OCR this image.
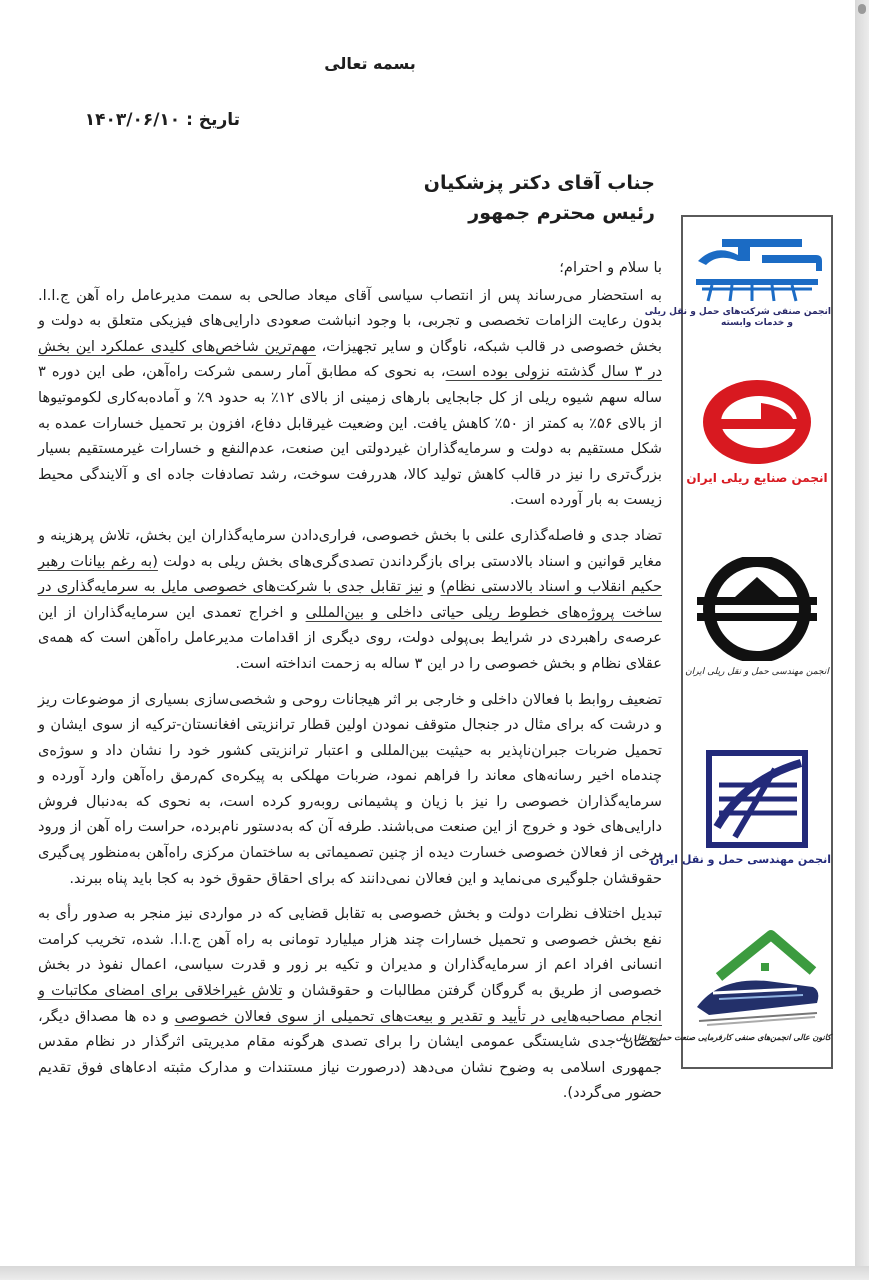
بسمه تعالی
تاریخ : ۱۴۰۳/۰۶/۱۰
جناب آقای دکتر پزشکیان
رئیس محترم جمهور
انجمن صنفی شرکت‌های حمل و نقل ریلی
و خدمات وابسته
انجمن صنایع ریلی ایران
انجمن مهندسی حمل و نقل ریلی ایران
انجمن مهندسی حمل و نقل ایران
کانون عالی انجمن‌های صنفی کارفرمایی صنعت حمل و نقل ریلی

با سلام و احترام؛

به استحضار می‌رساند پس از انتصاب سیاسی آقای میعاد صالحی به سمت مدیرعامل راه آهن ج.ا.ا. بدون رعایت الزامات تخصصی و تجربی، با وجود انباشت صعودی دارایی‌های فیزیکی متعلق به دولت و بخش خصوصی در قالب شبکه، ناوگان و سایر تجهیزات، مهم‌ترین شاخص‌های کلیدی عملکرد این بخش در ۳ سال گذشته نزولی بوده است، به نحوی که مطابق آمار رسمی شرکت راه‌آهن، طی این دوره ۳ ساله سهم شیوه ریلی از کل جابجایی بارهای زمینی از بالای ۱۲٪ به حدود ۹٪ و آماده‌به‌کاری لکوموتیوها از بالای ۵۶٪ به کمتر از ۵۰٪ کاهش یافت. این وضعیت غیرقابل دفاع، افزون بر تحمیل خسارات عمده به شکل مستقیم به دولت و سرمایه‌گذاران غیردولتی این صنعت، عدم‌النفع و خسارات غیرمستقیم بسیار بزرگ‌تری را نیز در قالب کاهش تولید کالا، هدررفت سوخت، رشد تصادفات جاده ای و آلایندگی محیط زیست به بار آورده است.

تضاد جدی و فاصله‌گذاری علنی با بخش خصوصی، فراری‌دادن سرمایه‌گذاران این بخش، تلاش پرهزینه و مغایر قوانین و اسناد بالادستی برای بازگرداندن تصدی‌گری‌های بخش ریلی به دولت (به رغم بیانات رهبر حکیم انقلاب و اسناد بالادستی نظام) و نیز تقابل جدی با شرکت‌های خصوصی مایل به سرمایه‌گذاری در ساخت پروژه‌های خطوط ریلی حیاتی داخلی و بین‌المللی و اخراج تعمدی این سرمایه‌گذاران از این عرصه‌ی راهبردی در شرایط بی‌پولی دولت، روی دیگری از اقدامات مدیرعامل راه‌آهن است که همه‌ی عقلای نظام و بخش خصوصی را در این ۳ ساله به زحمت انداخته است.

تضعیف روابط با فعالان داخلی و خارجی بر اثر هیجانات روحی و شخصی‌سازی بسیاری از موضوعات ریز و درشت که برای مثال در جنجال متوقف نمودن اولین قطار ترانزیتی افغانستان-ترکیه از سوی ایشان و تحمیل ضربات جبران‌ناپذیر به حیثیت بین‌المللی و اعتبار ترانزیتی کشور خود را نشان داد و سوژه‌ی چندماه اخیر رسانه‌های معاند را فراهم نمود، ضربات مهلکی به پیکره‌ی کم‌رمق راه‌آهن وارد آورده و سرمایه‌گذاران خصوصی را نیز با زیان و پشیمانی روبه‌رو کرده است، به نحوی که به‌دنبال فروش دارایی‌های خود و خروج از این صنعت می‌باشند. طرفه آن که به‌دستور نام‌برده، حراست راه آهن از ورود برخی از فعالان خصوصی خسارت دیده از چنین تصمیماتی به ساختمان مرکزی راه‌آهن به‌منظور پی‌گیری حقوقشان جلوگیری می‌نماید و این فعالان نمی‌دانند که برای احقاق حقوق خود به کجا باید پناه ببرند.

تبدیل اختلاف نظرات دولت و بخش خصوصی به تقابل قضایی که در مواردی نیز منجر به صدور رأی به نفع بخش خصوصی و تحمیل خسارات چند هزار میلیارد تومانی به راه آهن ج.ا.ا. شده، تخریب کرامت انسانی افراد اعم از سرمایه‌گذاران و مدیران و تکیه بر زور و قدرت سیاسی، اعمال نفوذ در بخش خصوصی از طریق به گروگان گرفتن مطالبات و حقوقشان و تلاش غیراخلاقی برای امضای مکاتبات و انجام مصاحبه‌هایی در تأیید و تقدیر و بیعت‌های تحمیلی از سوی فعالان خصوصی و ده ها مصداق دیگر، نقصان جدی شایستگی عمومی ایشان را برای تصدی هرگونه مقام مدیریتی اثرگذار در نظام مقدس جمهوری اسلامی به وضوح نشان می‌دهد (درصورت نیاز مستندات و مدارک مثبته ادعاهای فوق تقدیم حضور می‌گردد).
